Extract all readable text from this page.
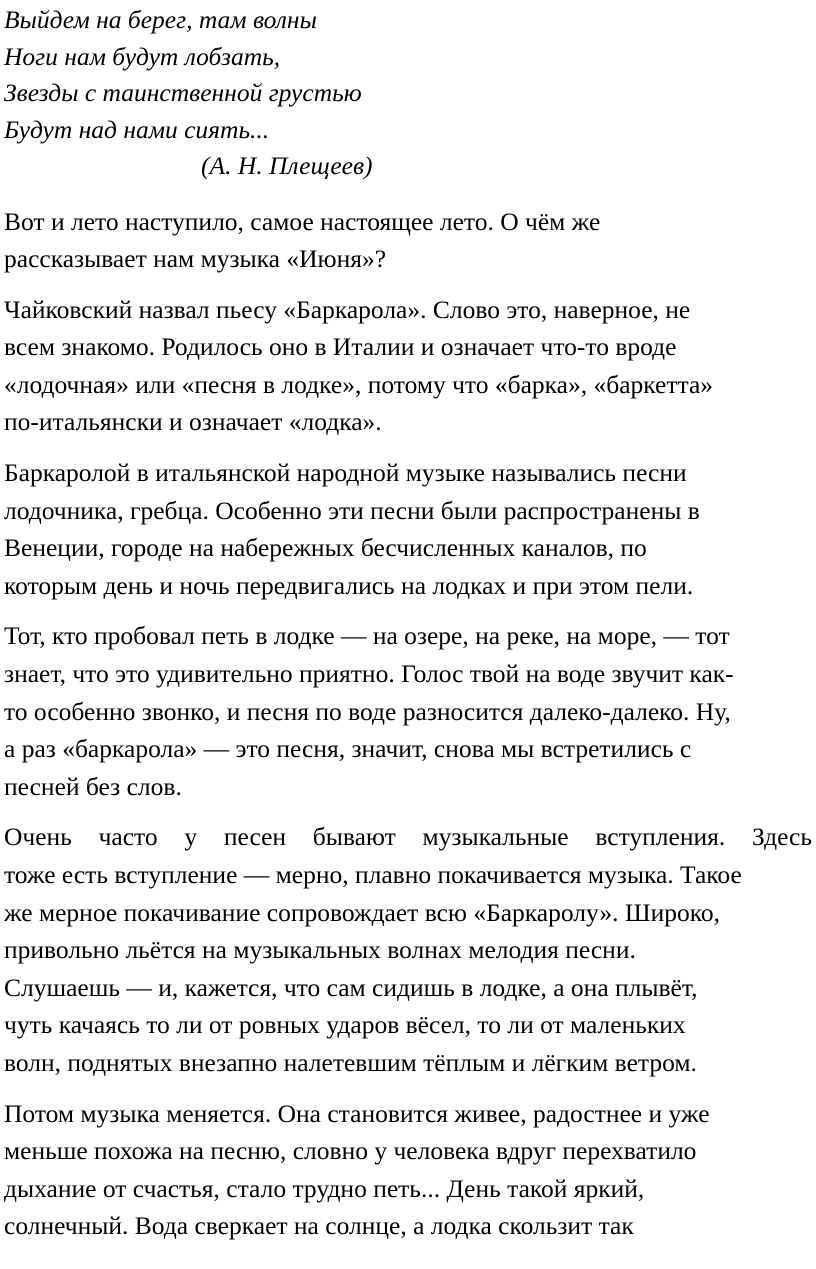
Выйдем на берег, там волны
Ноги нам будут лобзать,
Звезды с таинственной грустью
Будут над нами сиять...
(А. Н. Плещеев)

Вот и лето наступило, самое настоящее лето. О чём же
рассказывает нам музыка «Июня»?

Чайковский назвал пьесу «Баркарола». Слово это, наверное, не
всем знакомо. Родилось оно в Италии и означает что-то вроде
«лодочная» или «песня в лодке», потому что «барка», «баркетта»
по-итальянски и означает «лодка».

Баркаролой в итальянской народной музыке назывались песни
лодочника, гребца. Особенно эти песни были распространены в
Венеции, городе на набережных бесчисленных каналов, по
которым день и ночь передвигались на лодках и при этом пели.

Тот, кто пробовал петь в лодке — на озере, на реке, на море, — тот
знает, что это удивительно приятно. Голос твой на воде звучит как-
то особенно звонко, и песня по воде разносится далеко-далеко. Ну,
а раз «баркарола» — это песня, значит, снова мы встретились с
песней без слов.

Очень часто у песен бывают музыкальные вступления. Здесь
тоже есть вступление — мерно, плавно покачивается музыка. Такое
же мерное покачивание сопровождает всю «Баркаролу». Широко,
привольно льётся на музыкальных волнах мелодия песни.
Слушаешь — и, кажется, что сам сидишь в лодке, а она плывёт,
чуть качаясь то ли от ровных ударов вёсел, то ли от маленьких
волн, поднятых внезапно налетевшим тёплым и лёгким ветром.

Потом музыка меняется. Она становится живее, радостнее и уже
меньше похожа на песню, словно у человека вдруг перехватило
дыхание от счастья, стало трудно петь... День такой яркий,
солнечный. Вода сверкает на солнце, а лодка скользит так
